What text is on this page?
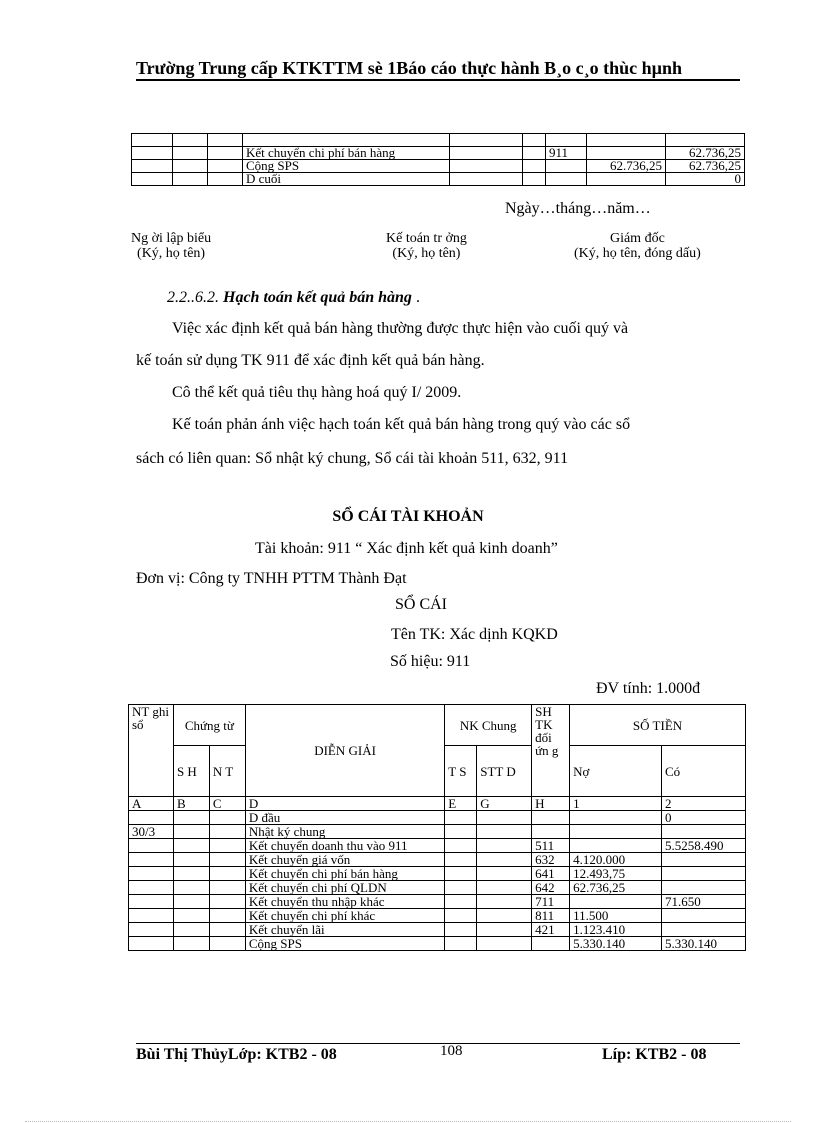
Trường Trung cấp KTKTTM sè 1Báo cáo thực hành B¸o c¸o thùc hµnh

			Kết chuyển chi phí bán hàng			911		62.736,25
			Cộng SPS				62.736,25	62.736,25
			D cuối					0
Ngày…tháng…năm…
Ng ời lập biểu
(Ký, họ tên)
Kế toán tr ởng
(Ký, họ tên)
Giám đốc
(Ký, họ tên, đóng dấu)
2.2..6.2. Hạch toán kết quả bán hàng .
Việc xác định kết quả bán hàng thường được thực hiện vào cuối quý và
kế toán sử dụng TK 911 để xác định kết quả bán hàng.
Cô thể kết quả tiêu thụ hàng hoá quý I/ 2009.
Kế toán phản ánh việc hạch toán kết quả bán hàng trong quý vào các sổ
sách có liên quan: Sổ nhật ký chung, Sổ cái tài khoản 511, 632, 911
SỔ CÁI TÀI KHOẢN
Tài khoản: 911 “ Xác định kết quả kinh doanh”
Đơn vị: Công ty TNHH PTTM Thành Đạt
SỔ CÁI
Tên TK: Xác dịnh KQKD
Số hiệu: 911
ĐV tính: 1.000đ
NT ghi sổ	Chứng từ		DIỄN GIẢI	NK Chung		SH TK đối ứn g	SỐ TIỀN	
	S H	N T		T S	STT D		Nợ	Có
A	B	C	D	E	G	H	1	2
			D đầu					0
30/3			Nhật ký chung					
			Kết chuyển doanh thu vào 911			511		5.5258.490
			Kết chuyển giá vốn			632	4.120.000	
			Kết chuyển chi phí bán hàng			641	12.493,75	
			Kết chuyển chi phí QLDN			642	62.736,25	
			Kết chuyển thu nhập khác			711		71.650
			Kết chuyển chi phí khác			811	11.500	
			Kết chuyển lãi			421	1.123.410	
			Cộng SPS				5.330.140	5.330.140
Bùi Thị ThủyLớp: KTB2 - 08	108	Líp: KTB2 - 08
